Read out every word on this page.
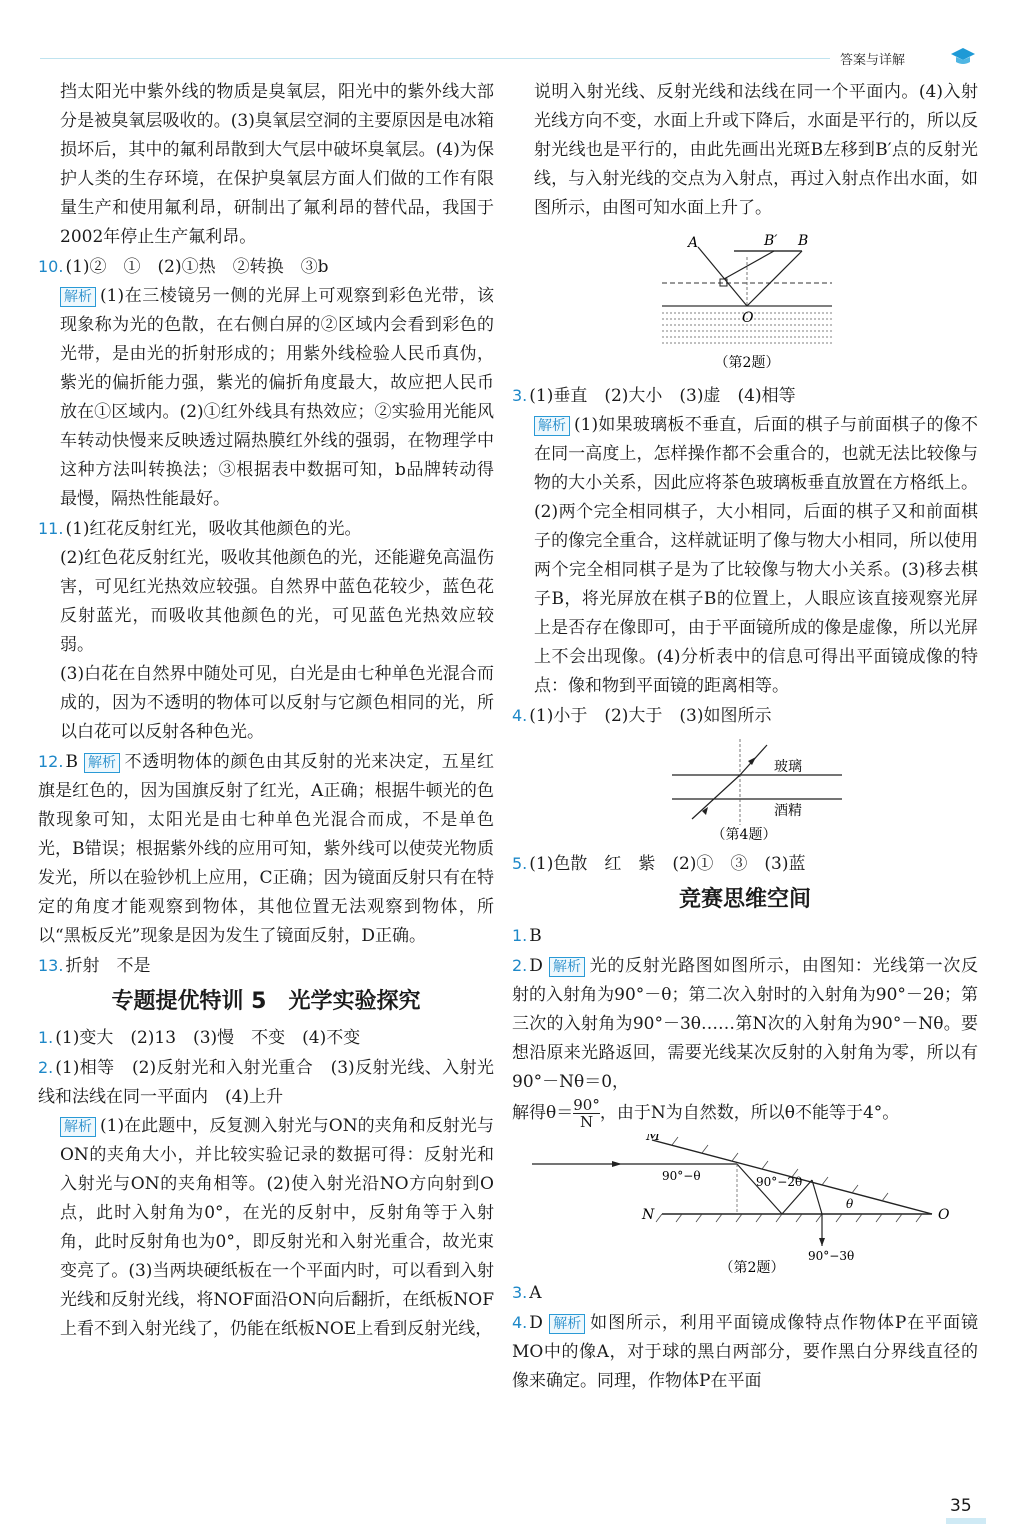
答案与详解

挡太阳光中紫外线的物质是臭氧层，阳光中的紫外线大部分是被臭氧层吸收的。(3)臭氧层空洞的主要原因是电冰箱损坏后，其中的氟利昂散到大气层中破坏臭氧层。(4)为保护人类的生存环境，在保护臭氧层方面人们做的工作有限量生产和使用氟利昂，研制出了氟利昂的替代品，我国于2002年停止生产氟利昂。

10. (1)②　①　(2)①热　②转换　③b

解析 (1)在三棱镜另一侧的光屏上可观察到彩色光带，该现象称为光的色散，在右侧白屏的②区域内会看到彩色的光带，是由光的折射形成的；用紫外线检验人民币真伪，紫光的偏折能力强，紫光的偏折角度最大，故应把人民币放在①区域内。(2)①红外线具有热效应；②实验用光能风车转动快慢来反映透过隔热膜红外线的强弱，在物理学中这种方法叫转换法；③根据表中数据可知，b品牌转动得最慢，隔热性能最好。

11. (1)红花反射红光，吸收其他颜色的光。

(2)红色花反射红光，吸收其他颜色的光，还能避免高温伤害，可见红光热效应较强。自然界中蓝色花较少，蓝色花反射蓝光，而吸收其他颜色的光，可见蓝色光热效应较弱。

(3)白花在自然界中随处可见，白光是由七种单色光混合而成的，因为不透明的物体可以反射与它颜色相同的光，所以白花可以反射各种色光。

12. B 解析 不透明物体的颜色由其反射的光来决定，五星红旗是红色的，因为国旗反射了红光，A正确；根据牛顿光的色散现象可知，太阳光是由七种单色光混合而成，不是单色光，B错误；根据紫外线的应用可知，紫外线可以使荧光物质发光，所以在验钞机上应用，C正确；因为镜面反射只有在特定的角度才能观察到物体，其他位置无法观察到物体，所以“黑板反光”现象是因为发生了镜面反射，D正确。

13. 折射　不是

专题提优特训 5　光学实验探究

1. (1)变大　(2)13　(3)慢　不变　(4)不变

2. (1)相等　(2)反射光和入射光重合　(3)反射光线、入射光线和法线在同一平面内　(4)上升

解析 (1)在此题中，反复测入射光与ON的夹角和反射光与ON的夹角大小，并比较实验记录的数据可得：反射光和入射光与ON的夹角相等。(2)使入射光沿NO方向射到O点，此时入射角为0°，在光的反射中，反射角等于入射角，此时反射角也为0°，即反射光和入射光重合，故光束变亮了。(3)当两块硬纸板在一个平面内时，可以看到入射光线和反射光线，将NOF面沿ON向后翻折，在纸板NOF上看不到入射光线了，仍能在纸板NOE上看到反射光线，

说明入射光线、反射光线和法线在同一个平面内。(4)入射光线方向不变，水面上升或下降后，水面是平行的，所以反射光线也是平行的，由此先画出光斑B左移到B′点的反射光线，与入射光线的交点为入射点，再过入射点作出水面，如图所示，由图可知水面上升了。

A	B′ B
O
（第2题）

3. (1)垂直　(2)大小　(3)虚　(4)相等

解析 (1)如果玻璃板不垂直，后面的棋子与前面棋子的像不在同一高度上，怎样操作都不会重合的，也就无法比较像与物的大小关系，因此应将茶色玻璃板垂直放置在方格纸上。(2)两个完全相同棋子，大小相同，后面的棋子又和前面棋子的像完全重合，这样就证明了像与物大小相同，所以使用两个完全相同棋子是为了比较像与物大小关系。(3)移去棋子B，将光屏放在棋子B的位置上，人眼应该直接观察光屏上是否存在像即可，由于平面镜所成的像是虚像，所以光屏上不会出现像。(4)分析表中的信息可得出平面镜成像的特点：像和物到平面镜的距离相等。

4. (1)小于　(2)大于　(3)如图所示

玻璃
酒精
（第4题）

5. (1)色散　红　紫　(2)①　③　(3)蓝

竞赛思维空间

1. B

2. D 解析 光的反射光路图如图所示，由图知：光线第一次反射的入射角为90°－θ；第二次入射时的入射角为90°－2θ；第三次的入射角为90°－3θ……第N次的入射角为90°－Nθ。要想沿原来光路返回，需要光线某次反射的入射角为零，所以有90°－Nθ＝0，

解得$\theta= \frac{90^\circ}{N}$ ，由于N为自然数，所以θ不能等于4°。

M
N	O
90°−θ	90°−2θ
θ
90°−3θ
（第2题）

3. A

4. D 解析 如图所示，利用平面镜成像特点作物体P在平面镜MO中的像A，对于球的黑白两部分，要作黑白分界线直径的像来确定。同理，作物体P在平面

35
